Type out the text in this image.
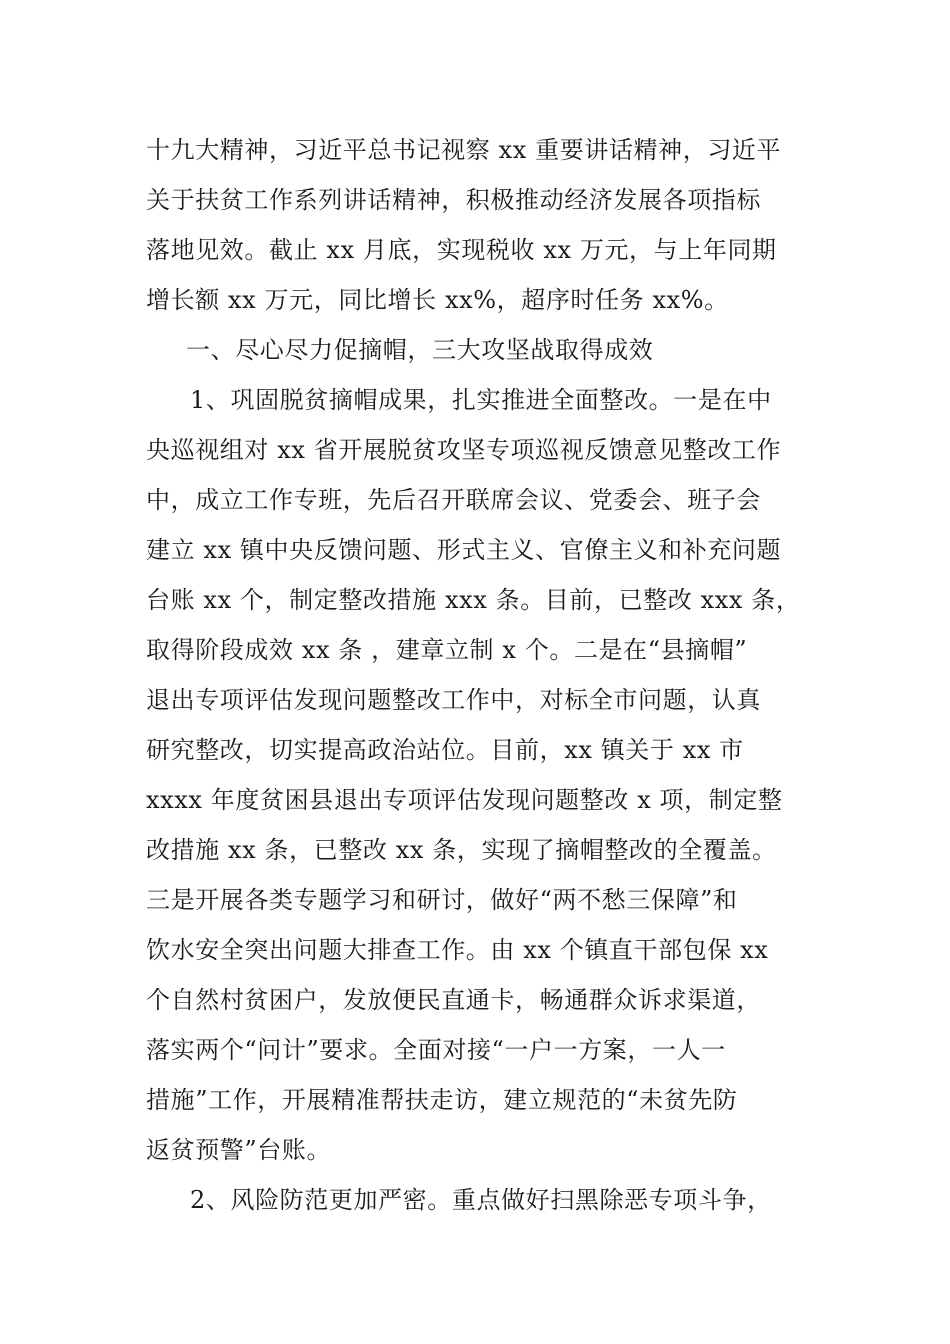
十九大精神，习近平总书记视察 xx 重要讲话精神，习近平
关于扶贫工作系列讲话精神，积极推动经济发展各项指标
落地见效。截止 xx 月底，实现税收 xx 万元，与上年同期
增长额 xx 万元，同比增长 xx%，超序时任务 xx%。
一、尽心尽力促摘帽，三大攻坚战取得成效
1、巩固脱贫摘帽成果，扎实推进全面整改。一是在中
央巡视组对 xx 省开展脱贫攻坚专项巡视反馈意见整改工作
中，成立工作专班，先后召开联席会议、党委会、班子会
建立 xx 镇中央反馈问题、形式主义、官僚主义和补充问题
台账 xx 个，制定整改措施 xxx 条。目前，已整改 xxx 条，
取得阶段成效 xx 条 ，建章立制 x 个。二是在“县摘帽”
退出专项评估发现问题整改工作中，对标全市问题，认真
研究整改，切实提高政治站位。目前，xx 镇关于 xx 市
xxxx 年度贫困县退出专项评估发现问题整改 x 项，制定整
改措施 xx 条，已整改 xx 条，实现了摘帽整改的全覆盖。
三是开展各类专题学习和研讨，做好“两不愁三保障”和
饮水安全突出问题大排查工作。由 xx 个镇直干部包保 xx
个自然村贫困户，发放便民直通卡，畅通群众诉求渠道，
落实两个“问计”要求。全面对接“一户一方案，一人一
措施”工作，开展精准帮扶走访，建立规范的“未贫先防
返贫预警”台账。
2、风险防范更加严密。重点做好扫黑除恶专项斗争，
